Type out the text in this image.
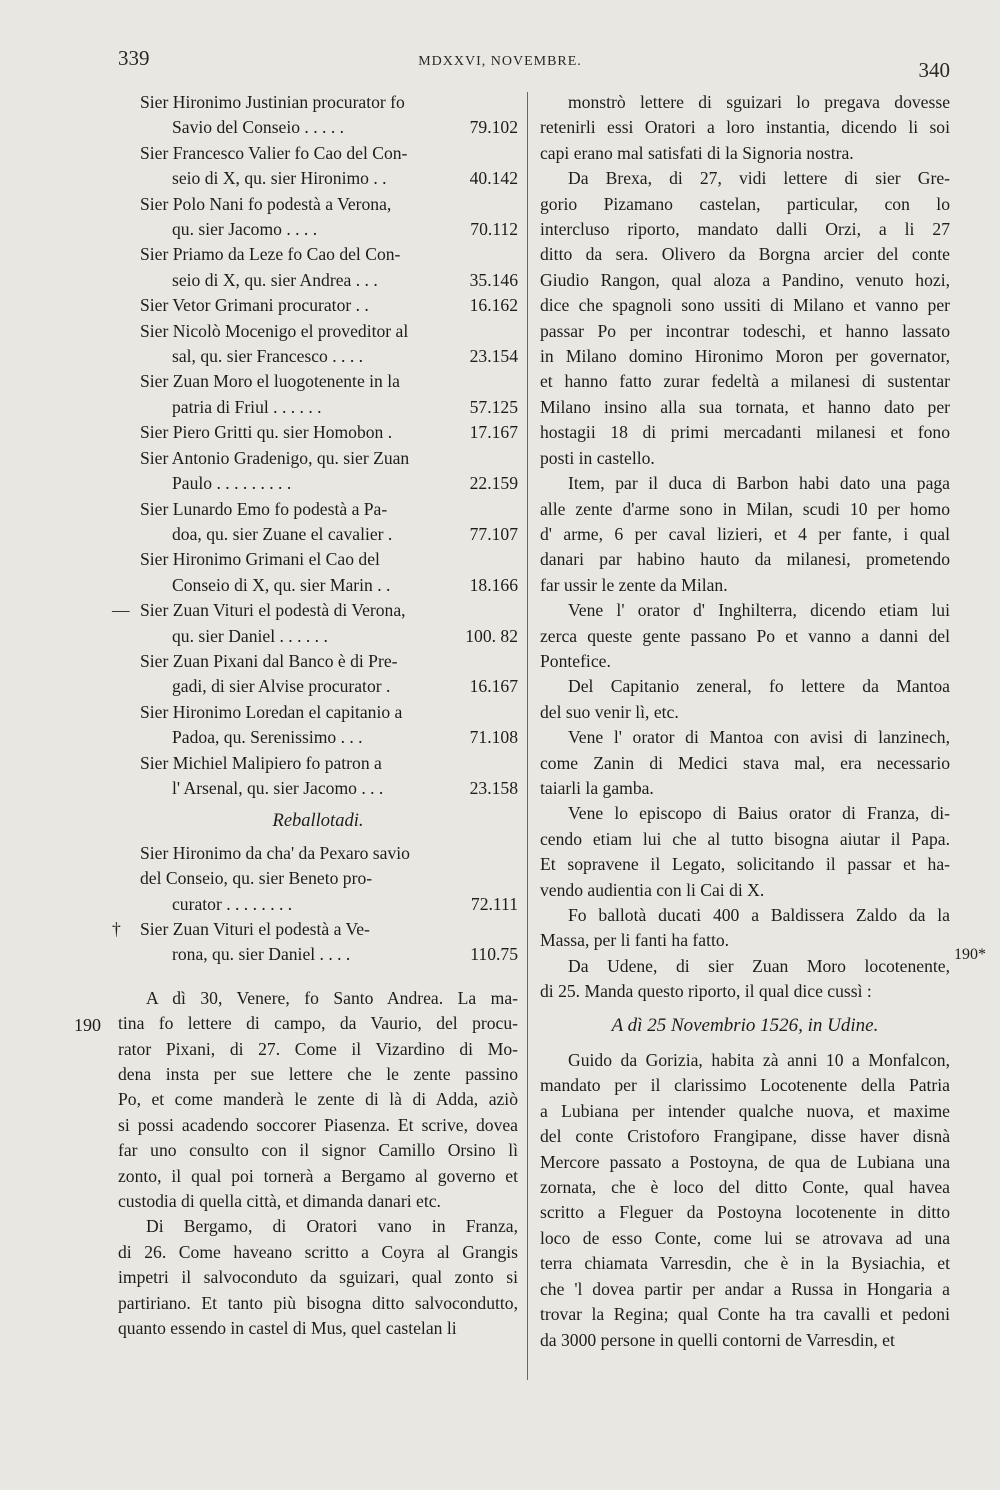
339	MDXXVI, NOVEMBRE.	340
Sier Hironimo Justinian procurator fo
Savio del Conseio . . . . .	79.102
Sier Francesco Valier fo Cao del Con-
seio di X, qu. sier Hironimo . .	40.142
Sier Polo Nani fo podestà a Verona,
qu. sier Jacomo . . . .	70.112
Sier Priamo da Leze fo Cao del Con-
seio di X, qu. sier Andrea . . .	35.146
Sier Vetor Grimani procurator . .	16.162
Sier Nicolò Mocenigo el proveditor al
sal, qu. sier Francesco . . . .	23.154
Sier Zuan Moro el luogotenente in la
patria di Friul . . . . . .	57.125
Sier Piero Gritti qu. sier Homobon .	17.167
Sier Antonio Gradenigo, qu. sier Zuan
Paulo . . . . . . . . .	22.159
Sier Lunardo Emo fo podestà a Pa-
doa, qu. sier Zuane el cavalier .	77.107
Sier Hironimo Grimani el Cao del
Conseio di X, qu. sier Marin . .	18.166
— Sier Zuan Vituri el podestà di Verona,
qu. sier Daniel . . . . . .	100. 82
Sier Zuan Pixani dal Banco è di Pre-
gadi, di sier Alvise procurator .	16.167
Sier Hironimo Loredan el capitanio a
Padoa, qu. Serenissimo . . .	71.108
Sier Michiel Malipiero fo patron a
l' Arsenal, qu. sier Jacomo . . .	23.158
Reballotadi.
Sier Hironimo da cha' da Pexaro savio
del Conseio, qu. sier Beneto pro-
curator . . . . . . . .	72.111
†	Sier Zuan Vituri el podestà a Ve-
rona, qu. sier Daniel . . . .	110.75
A dì 30, Venere, fo Santo Andrea. La ma-
tina fo lettere di campo, da Vaurio, del procu-
rator Pixani, di 27. Come il Vizardino di Mo-
dena insta per sue lettere che le zente passino
Po, et come manderà le zente di là di Adda, aziò
si possi acadendo soccorer Piasenza. Et scrive, dovea
far uno consulto con il signor Camillo Orsino lì
zonto, il qual poi tornerà a Bergamo al governo et
custodia di quella città, et dimanda danari etc.
Di Bergamo, di Oratori vano in Franza,
di 26. Come haveano scritto a Coyra al Grangis
impetri il salvoconduto da sguizari, qual zonto si
partiriano. Et tanto più bisogna ditto salvocondutto,
quanto essendo in castel di Mus, quel castelan li
190
190*
monstrò lettere di sguizari lo pregava dovesse
retenirli essi Oratori a loro instantia, dicendo li soi
capi erano mal satisfati di la Signoria nostra.
Da Brexa, di 27, vidi lettere di sier Gre-
gorio Pizamano castelan, particular, con lo
intercluso riporto, mandato dalli Orzi, a li 27
ditto da sera. Olivero da Borgna arcier del conte
Giudio Rangon, qual aloza a Pandino, venuto hozi,
dice che spagnoli sono ussiti di Milano et vanno per
passar Po per incontrar todeschi, et hanno lassato
in Milano domino Hironimo Moron per governator,
et hanno fatto zurar fedeltà a milanesi di sustentar
Milano insino alla sua tornata, et hanno dato per
hostagii 18 di primi mercadanti milanesi et fono
posti in castello.
Item, par il duca di Barbon habi dato una paga
alle zente d'arme sono in Milan, scudi 10 per homo
d' arme, 6 per caval lizieri, et 4 per fante, i qual
danari par habino hauto da milanesi, prometendo
far ussir le zente da Milan.
Vene l' orator d' Inghilterra, dicendo etiam lui
zerca queste gente passano Po et vanno a danni del
Pontefice.
Del Capitanio zeneral, fo lettere da Mantoa
del suo venir lì, etc.
Vene l' orator di Mantoa con avisi di lanzinech,
come Zanin di Medici stava mal, era necessario
taiarli la gamba.
Vene lo episcopo di Baius orator di Franza, di-
cendo etiam lui che al tutto bisogna aiutar il Papa.
Et sopravene il Legato, solicitando il passar et ha-
vendo audientia con li Cai di X.
Fo ballotà ducati 400 a Baldissera Zaldo da la
Massa, per li fanti ha fatto.
Da Udene, di sier Zuan Moro locotenente,
di 25. Manda questo riporto, il qual dice cussì :
A dì 25 Novembrio 1526, in Udine.
Guido da Gorizia, habita zà anni 10 a Monfalcon,
mandato per il clarissimo Locotenente della Patria
a Lubiana per intender qualche nuova, et maxime
del conte Cristoforo Frangipane, disse haver disnà
Mercore passato a Postoyna, de qua de Lubiana una
zornata, che è loco del ditto Conte, qual havea
scritto a Fleguer da Postoyna locotenente in ditto
loco de esso Conte, come lui se atrovava ad una
terra chiamata Varresdin, che è in la Bysiachia, et
che 'l dovea partir per andar a Russa in Hongaria a
trovar la Regina; qual Conte ha tra cavalli et pedoni
da 3000 persone in quelli contorni de Varresdin, et
